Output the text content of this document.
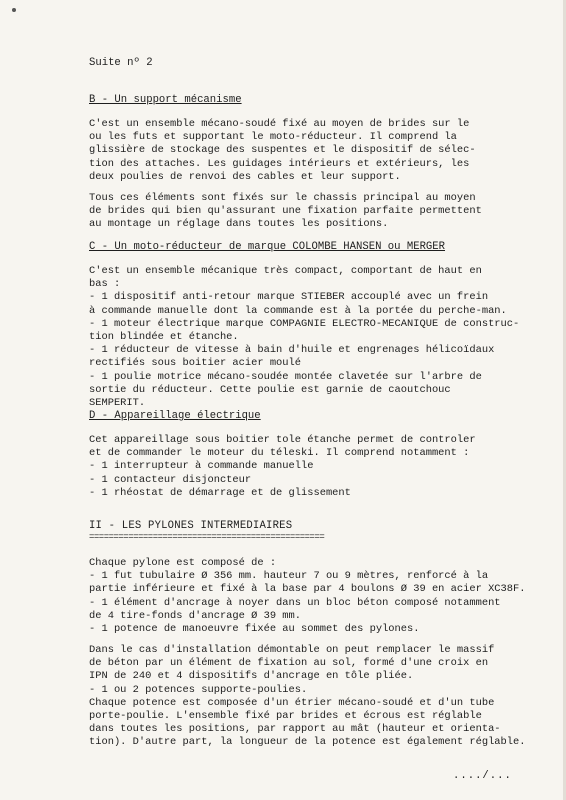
Suite nº 2
B - Un support mécanisme
C'est un ensemble mécano-soudé fixé au moyen de brides sur le
ou les futs et supportant le moto-réducteur. Il comprend la
glissière de stockage des suspentes et le dispositif de sélec-
tion des attaches. Les guidages intérieurs et extérieurs, les
deux poulies de renvoi des cables et leur support.
Tous ces éléments sont fixés sur le chassis principal au moyen
de brides qui bien qu'assurant une fixation parfaite permettent
au montage un réglage dans toutes les positions.
C - Un moto-réducteur de marque COLOMBE HANSEN ou MERGER
C'est un ensemble mécanique très compact, comportant de haut en
bas :
- 1 dispositif anti-retour marque STIEBER accouplé avec un frein
à commande manuelle dont la commande est à la portée du perche-man.
- 1 moteur électrique marque COMPAGNIE ELECTRO-MECANIQUE de construc-
tion blindée et étanche.
- 1 réducteur de vitesse à bain d'huile et engrenages hélicoïdaux
rectifiés sous boitier acier moulé
- 1 poulie motrice mécano-soudée montée clavetée sur l'arbre de
sortie du réducteur. Cette poulie est garnie de caoutchouc
SEMPERIT.
D - Appareillage électrique
Cet appareillage sous boitier tole étanche permet de controler
et de commander le moteur du téleski. Il comprend notamment :
- 1 interrupteur à commande manuelle
- 1 contacteur disjoncteur
- 1 rhéostat de démarrage et de glissement
II - LES PYLONES INTERMEDIAIRES
================================================
Chaque pylone est composé de :
- 1 fut tubulaire Ø 356 mm. hauteur 7 ou 9 mètres, renforcé à la
partie inférieure et fixé à la base par 4 boulons Ø 39 en acier XC38F.
- 1 élément d'ancrage à noyer dans un bloc béton composé notamment
de 4 tire-fonds d'ancrage Ø 39 mm.
- 1 potence de manoeuvre fixée au sommet des pylones.
Dans le cas d'installation démontable on peut remplacer le massif
de béton par un élément de fixation au sol, formé d'une croix en
IPN de 240 et 4 dispositifs d'ancrage en tôle pliée.
- 1 ou 2 potences supporte-poulies.
Chaque potence est composée d'un étrier mécano-soudé et d'un tube
porte-poulie. L'ensemble fixé par brides et écrous est réglable
dans toutes les positions, par rapport au mât (hauteur et orienta-
tion). D'autre part, la longueur de la potence est également réglable.
..../...
